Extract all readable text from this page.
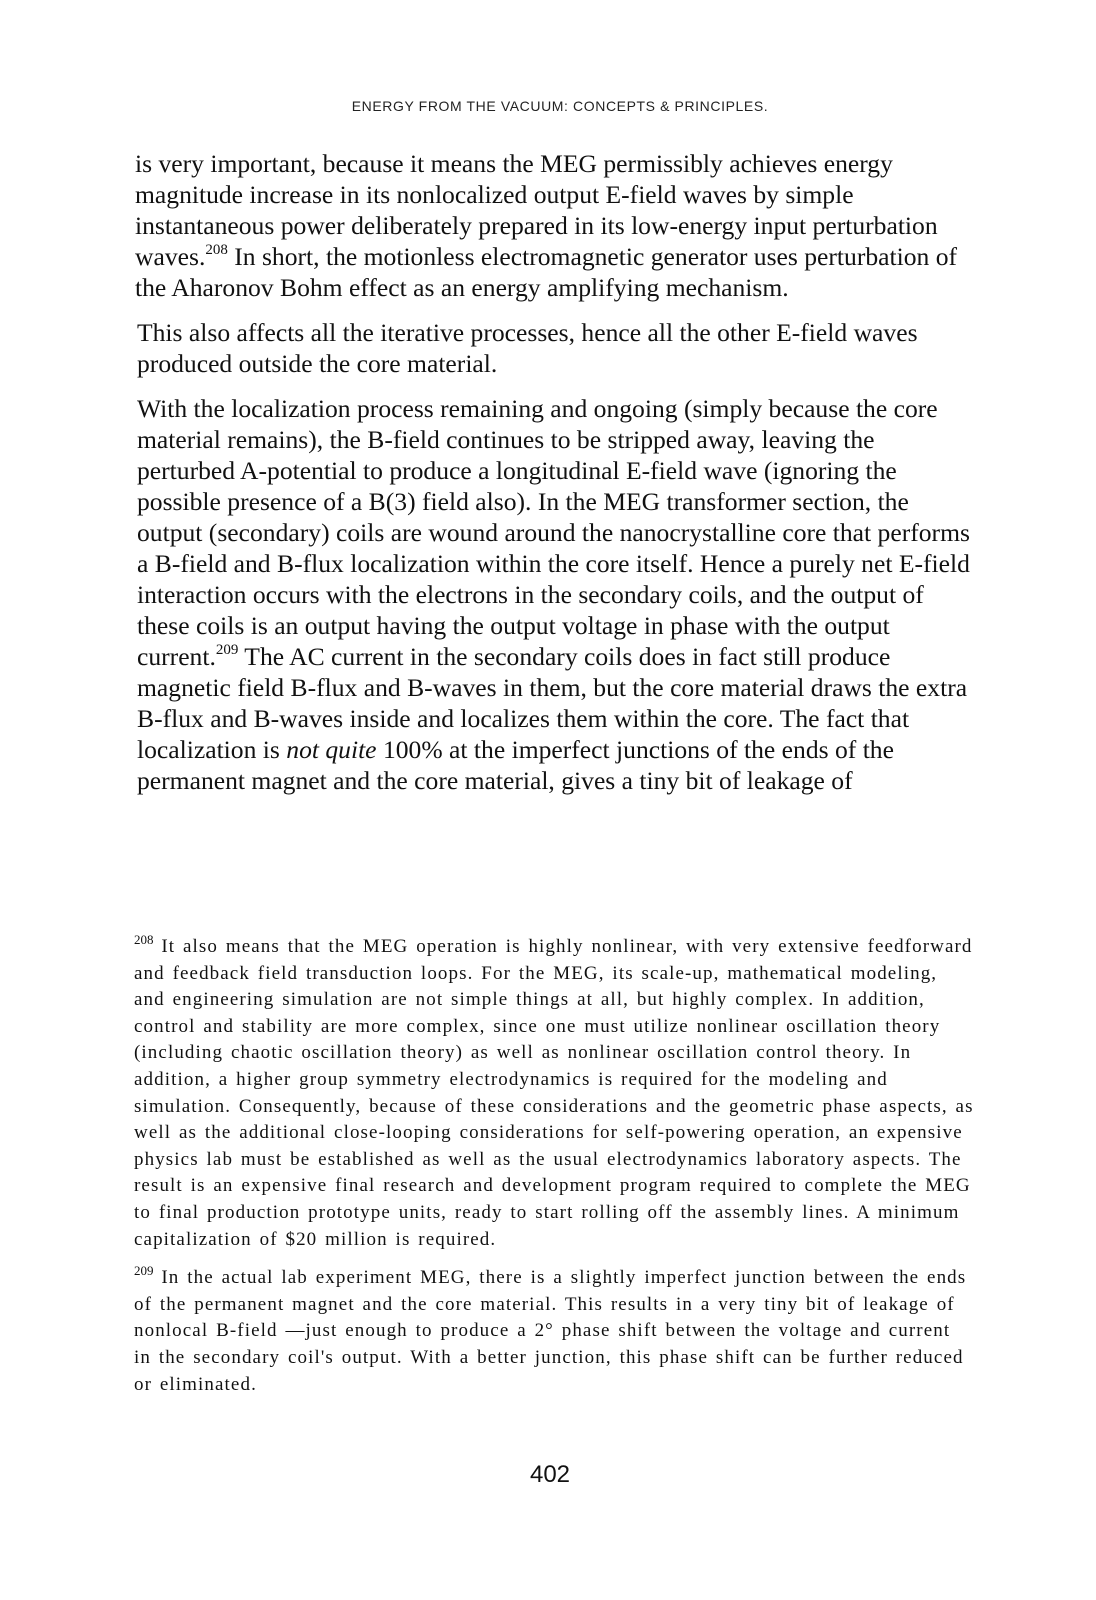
ENERGY FROM THE VACUUM: CONCEPTS & PRINCIPLES.

is very important, because it means the MEG permissibly achieves energy magnitude increase in its nonlocalized output E-field waves by simple instantaneous power deliberately prepared in its low-energy input perturbation waves.$^{208}$ In short, the motionless electromagnetic generator uses perturbation of the Aharonov Bohm effect as an energy amplifying mechanism.

This also affects all the iterative processes, hence all the other E-field waves produced outside the core material.

With the localization process remaining and ongoing (simply because the core material remains), the B-field continues to be stripped away, leaving the perturbed A-potential to produce a longitudinal E-field wave (ignoring the possible presence of a B(3) field also). In the MEG transformer section, the output (secondary) coils are wound around the nanocrystalline core that performs a B-field and B-flux localization within the core itself. Hence a purely net E-field interaction occurs with the electrons in the secondary coils, and the output of these coils is an output having the output voltage in phase with the output current.$^{209}$ The AC current in the secondary coils does in fact still produce magnetic field B-flux and B-waves in them, but the core material draws the extra B-flux and B-waves inside and localizes them within the core. The fact that localization is not quite 100% at the imperfect junctions of the ends of the permanent magnet and the core material, gives a tiny bit of leakage of

$^{208}$ It also means that the MEG operation is highly nonlinear, with very extensive feedforward and feedback field transduction loops. For the MEG, its scale-up, mathematical modeling, and engineering simulation are not simple things at all, but highly complex. In addition, control and stability are more complex, since one must utilize nonlinear oscillation theory (including chaotic oscillation theory) as well as nonlinear oscillation control theory. In addition, a higher group symmetry electrodynamics is required for the modeling and simulation. Consequently, because of these considerations and the geometric phase aspects, as well as the additional close-looping considerations for self-powering operation, an expensive physics lab must be established as well as the usual electrodynamics laboratory aspects. The result is an expensive final research and development program required to complete the MEG to final production prototype units, ready to start rolling off the assembly lines. A minimum capitalization of $20 million is required.

$^{209}$ In the actual lab experiment MEG, there is a slightly imperfect junction between the ends of the permanent magnet and the core material. This results in a very tiny bit of leakage of nonlocal B-field —just enough to produce a 2° phase shift between the voltage and current in the secondary coil's output. With a better junction, this phase shift can be further reduced or eliminated.

402
